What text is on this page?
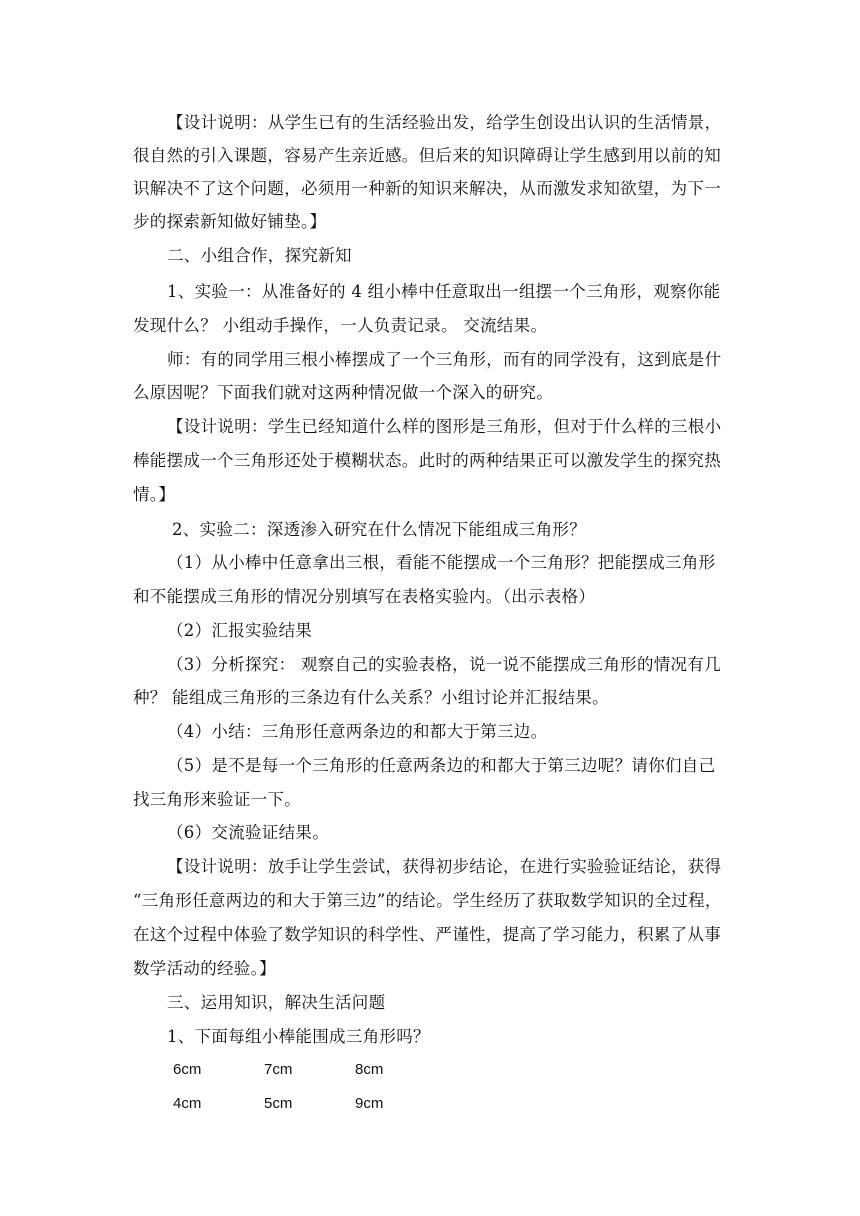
【设计说明：从学生已有的生活经验出发，给学生创设出认识的生活情景，
很自然的引入课题，容易产生亲近感。但后来的知识障碍让学生感到用以前的知
识解决不了这个问题，必须用一种新的知识来解决，从而激发求知欲望，为下一
步的探索新知做好铺垫。】
二、小组合作，探究新知
1、实验一：从准备好的 4 组小棒中任意取出一组摆一个三角形，观察你能
发现什么？ 小组动手操作，一人负责记录。 交流结果。
师：有的同学用三根小棒摆成了一个三角形，而有的同学没有，这到底是什
么原因呢？下面我们就对这两种情况做一个深入的研究。
【设计说明：学生已经知道什么样的图形是三角形，但对于什么样的三根小
棒能摆成一个三角形还处于模糊状态。此时的两种结果正可以激发学生的探究热
情。】
2、实验二：深透渗入研究在什么情况下能组成三角形？
（1）从小棒中任意拿出三根，看能不能摆成一个三角形？把能摆成三角形
和不能摆成三角形的情况分别填写在表格实验内。（出示表格）
（2）汇报实验结果
（3）分析探究： 观察自己的实验表格，说一说不能摆成三角形的情况有几
种？ 能组成三角形的三条边有什么关系？小组讨论并汇报结果。
（4）小结：三角形任意两条边的和都大于第三边。
（5）是不是每一个三角形的任意两条边的和都大于第三边呢？请你们自己
找三角形来验证一下。
（6）交流验证结果。
【设计说明：放手让学生尝试，获得初步结论，在进行实验验证结论，获得
“三角形任意两边的和大于第三边”的结论。学生经历了获取数学知识的全过程，
在这个过程中体验了数学知识的科学性、严谨性，提高了学习能力，积累了从事
数学活动的经验。】
三、运用知识，解决生活问题
1、下面每组小棒能围成三角形吗？
6cm	7cm	8cm
4cm	5cm	9cm
